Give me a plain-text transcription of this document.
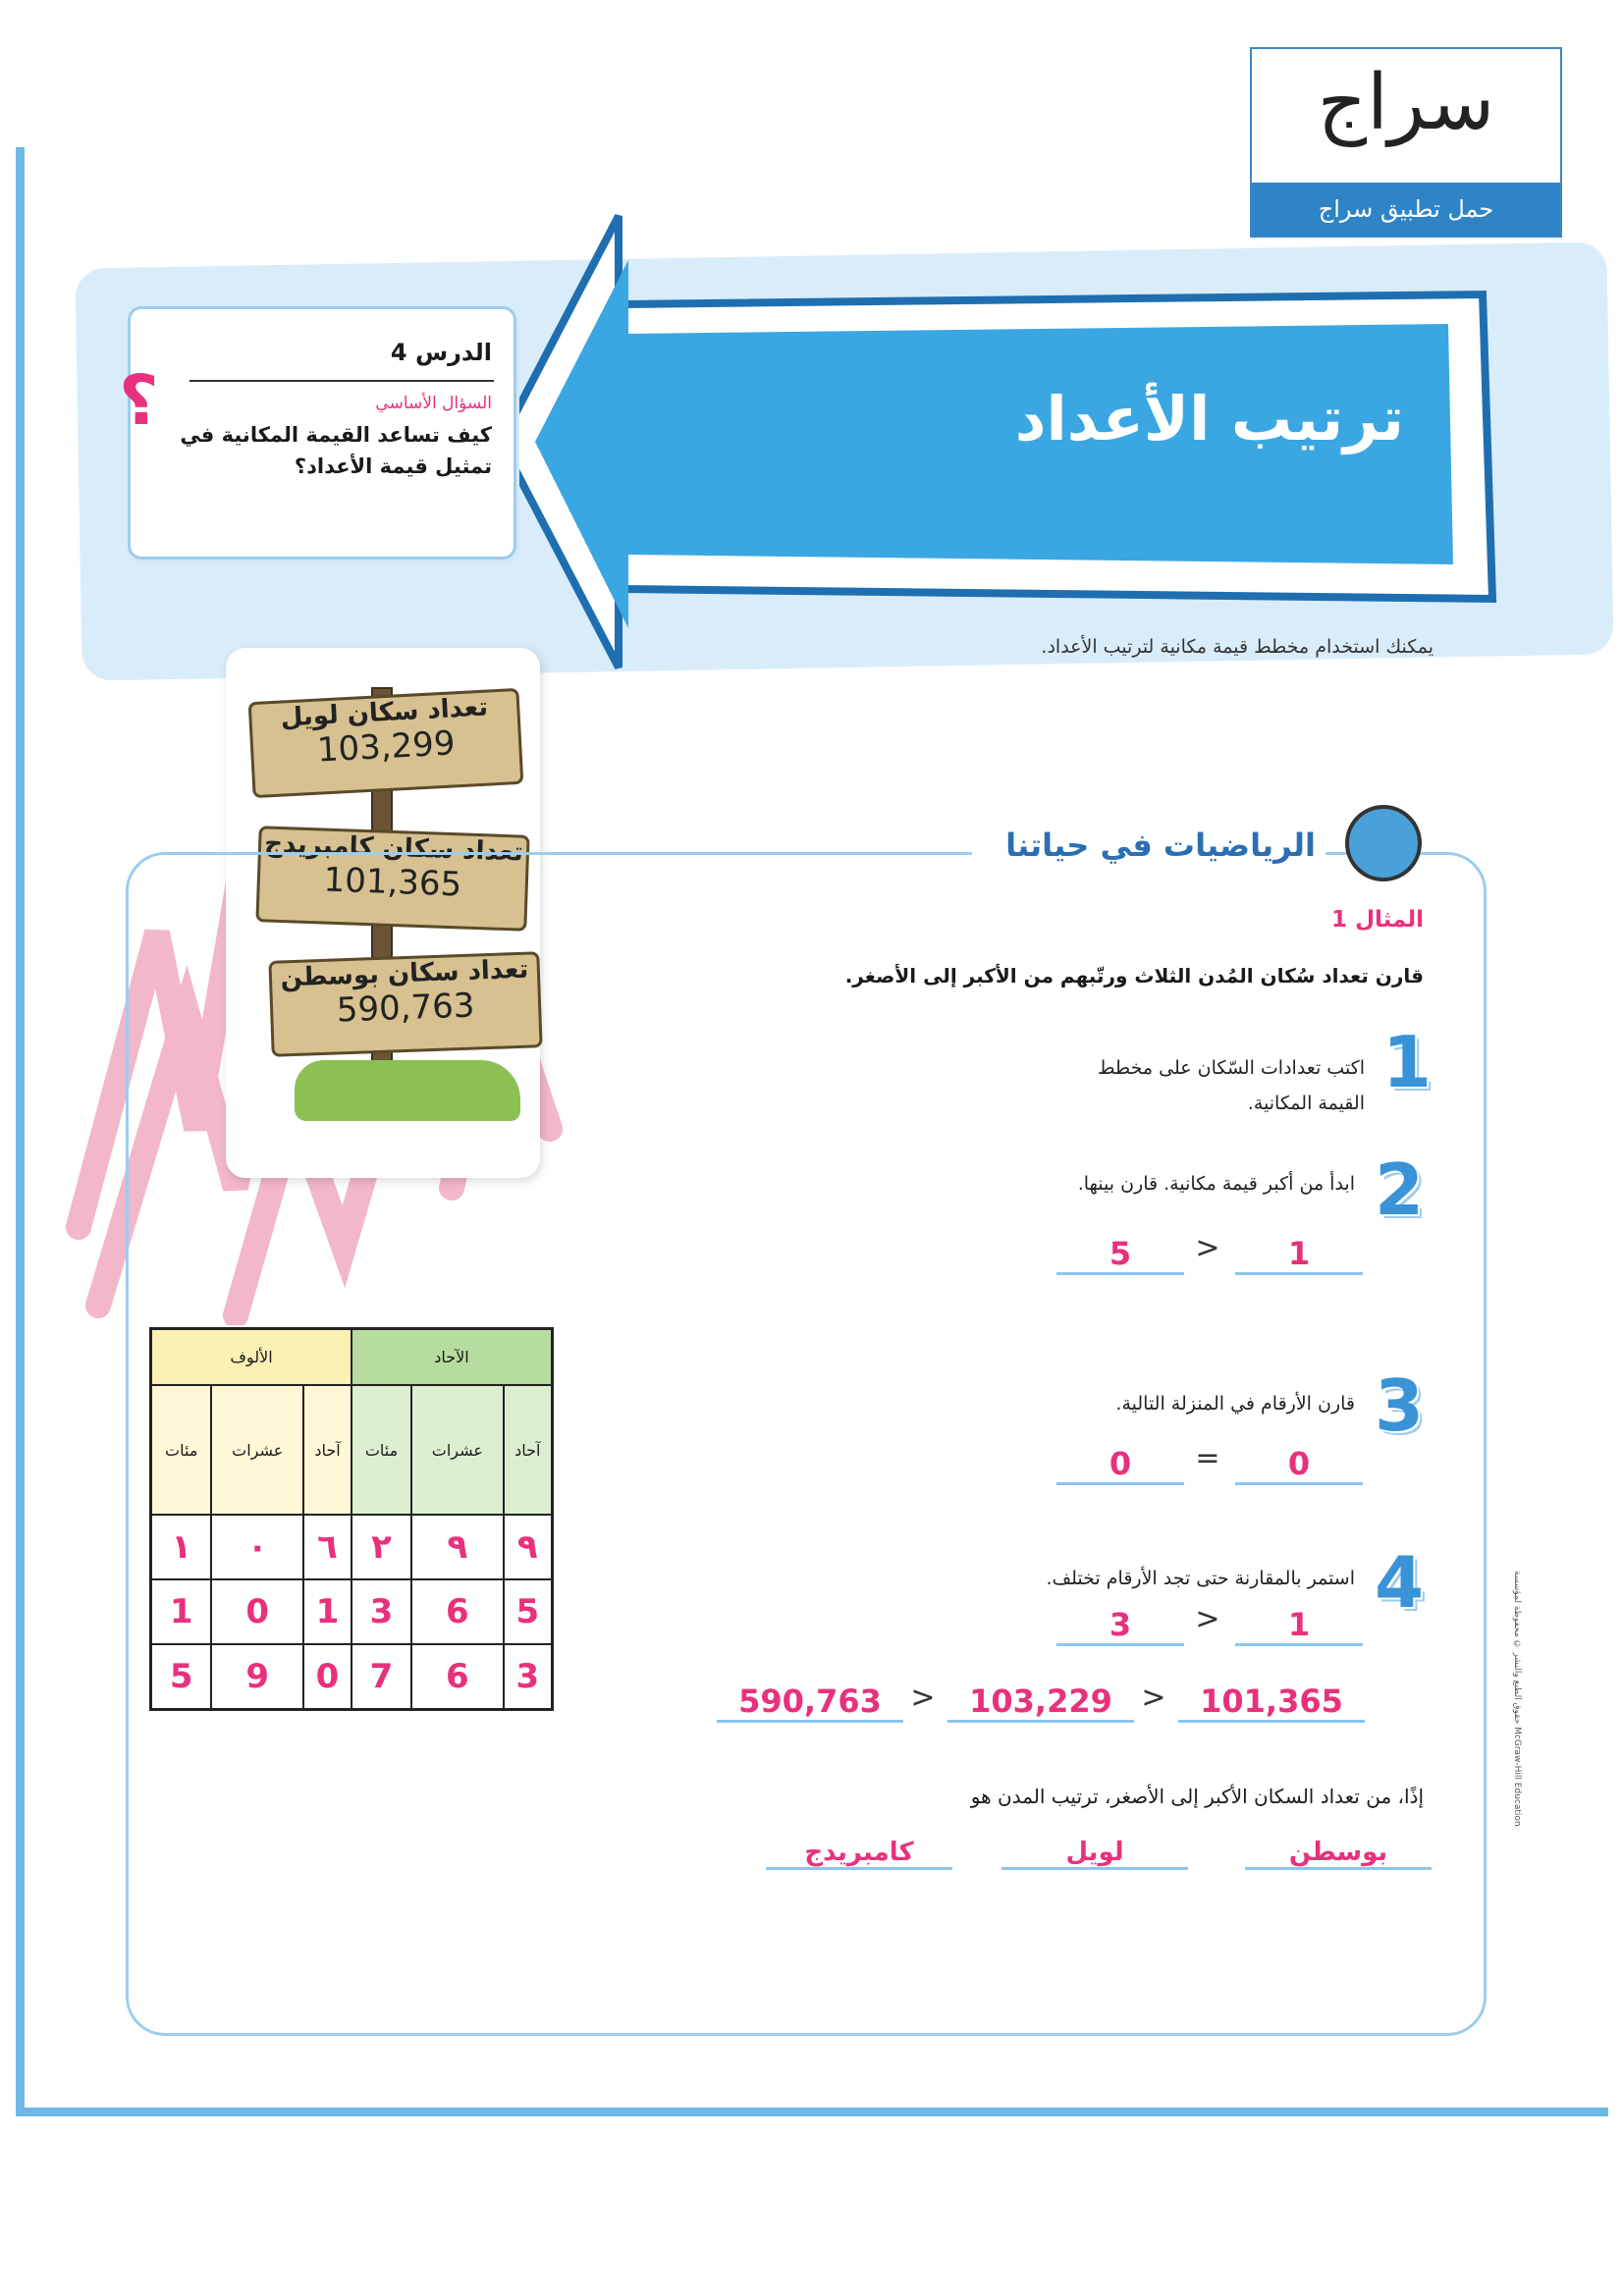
سراج
حمل تطبيق سراج
ترتيب الأعداد
؟
الدرس 4
السؤال الأساسي
كيف تساعد القيمة المكانية في تمثيل قيمة الأعداد؟
يمكنك استخدام مخطط قيمة مكانية لترتيب الأعداد.
تعداد سكان لويل
103,299
تعداد سكان كامبريدج
101,365
تعداد سكان بوسطن
590,763
الألوف			الآحاد		
مئات	عشرات	آحاد	مئات	عشرات	آحاد
١	٠	٦	٢	٩	٩
1	0	1	3	6	5
5	9	0	7	6	3
الرياضيات في حياتنا
المثال 1
قارن تعداد سُكان المُدن الثلاث ورتّبهم من الأكبر إلى الأصغر.
1
اكتب تعدادات السّكان على مخطط القيمة المكانية.
2
ابدأ من أكبر قيمة مكانية. قارن بينها.
1
>
5
3
قارن الأرقام في المنزلة التالية.
0
=
0
4
استمر بالمقارنة حتى تجد الأرقام تختلف.
1
>
3
590,763 >	103,229 >	101,365
إذًا، من تعداد السكان الأكبر إلى الأصغر، ترتيب المدن هو
بوسطن
لويل
كامبريدج
حقوق الطبع والنشر © محفوظة لمؤسسة McGraw-Hill Education
